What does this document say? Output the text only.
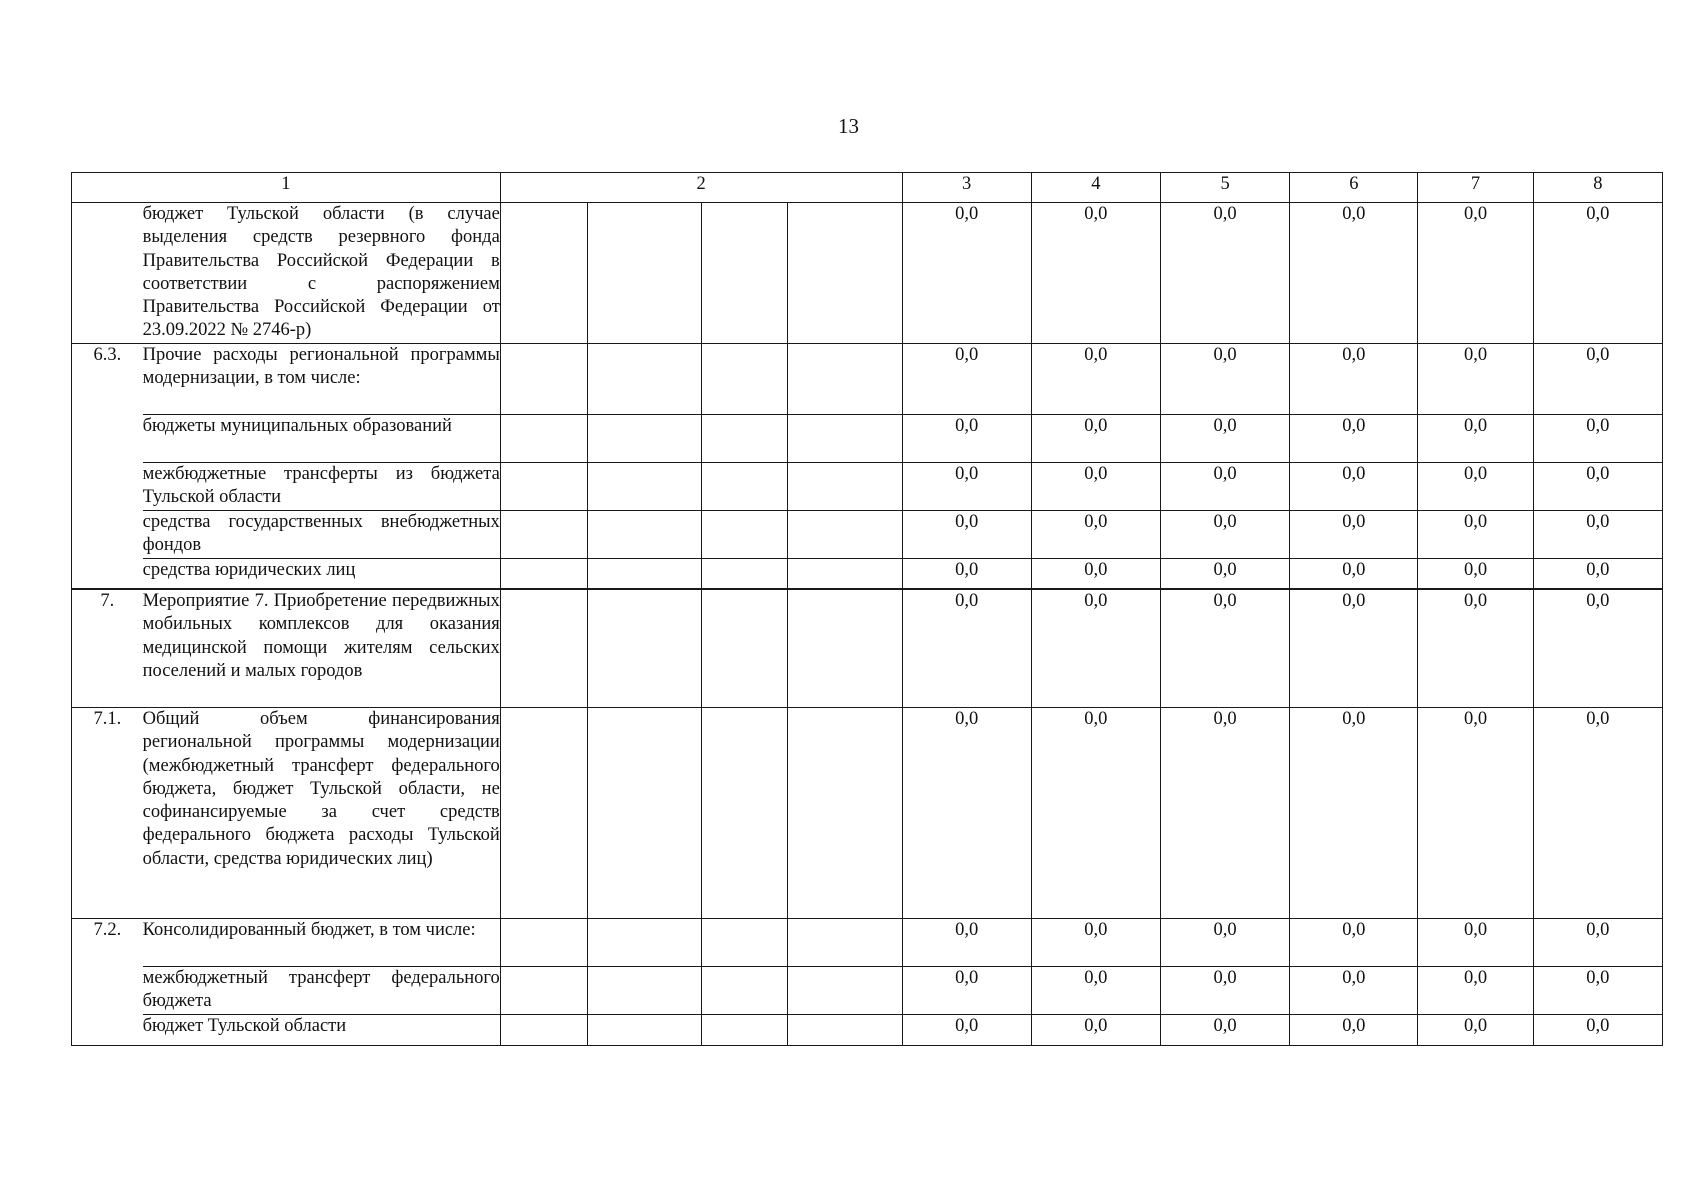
13
1		2				3	4	5	6	7	8
	бюджет Тульской области (в случае выделения средств резервного фонда Правительства Российской Федерации в соответствии с распоряжением Правительства Российской Федерации от 23.09.2022 № 2746-р)					0,0	0,0	0,0	0,0	0,0	0,0
6.3.	Прочие расходы региональной программы модернизации, в том числе:					0,0	0,0	0,0	0,0	0,0	0,0
	бюджеты муниципальных образований					0,0	0,0	0,0	0,0	0,0	0,0
	межбюджетные трансферты из бюджета Тульской области					0,0	0,0	0,0	0,0	0,0	0,0
	средства государственных внебюджетных фондов					0,0	0,0	0,0	0,0	0,0	0,0
	средства юридических лиц					0,0	0,0	0,0	0,0	0,0	0,0
7.	Мероприятие 7. Приобретение передвижных мобильных комплексов для оказания медицинской помощи жителям сельских поселений и малых городов					0,0	0,0	0,0	0,0	0,0	0,0
7.1.	Общий объем финансирования региональной программы модернизации (межбюджетный трансферт федерального бюджета, бюджет Тульской области, не софинансируемые за счет средств федерального бюджета расходы Тульской области, средства юридических лиц)					0,0	0,0	0,0	0,0	0,0	0,0
7.2.	Консолидированный бюджет, в том числе:					0,0	0,0	0,0	0,0	0,0	0,0
	межбюджетный трансферт федерального бюджета					0,0	0,0	0,0	0,0	0,0	0,0
	бюджет Тульской области					0,0	0,0	0,0	0,0	0,0	0,0
